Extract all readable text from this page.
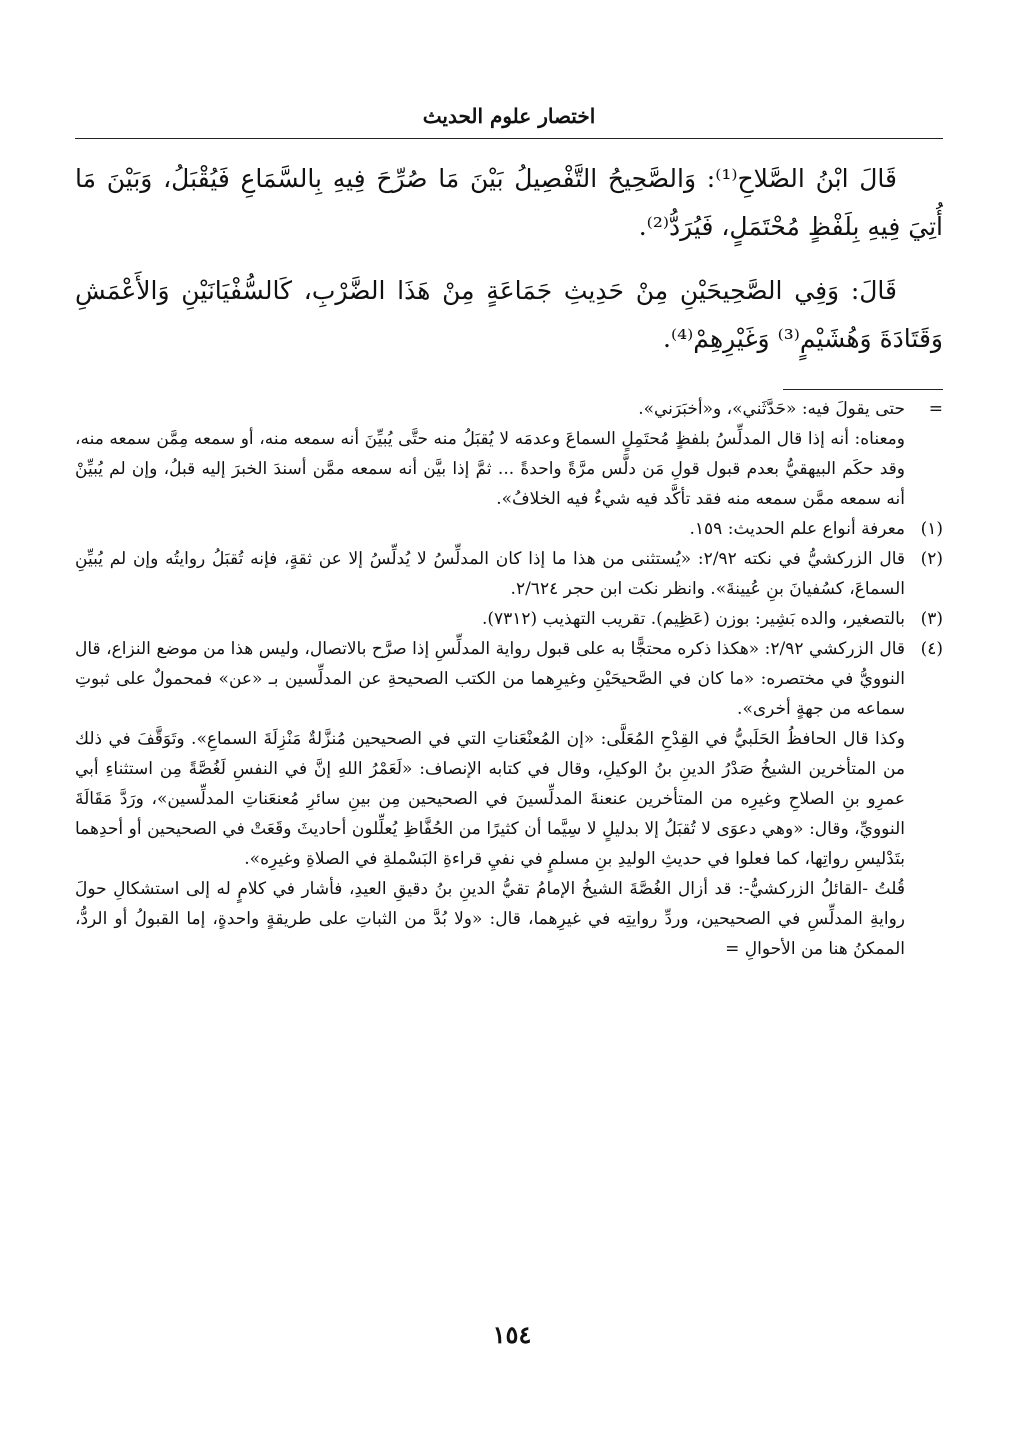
اختصار علوم الحديث

قَالَ ابْنُ الصَّلاحِ⁽¹⁾: وَالصَّحِيحُ التَّفْصِيلُ بَيْنَ مَا صُرِّحَ فِيهِ بِالسَّمَاعِ فَيُقْبَلُ، وَبَيْنَ مَا أُتِيَ فِيهِ بِلَفْظٍ مُحْتَمَلٍ، فَيُرَدُّ⁽²⁾.

قَالَ: وَفِي الصَّحِيحَيْنِ مِنْ حَدِيثِ جَمَاعَةٍ مِنْ هَذَا الضَّرْبِ، كَالسُّفْيَانَيْنِ وَالأَعْمَشِ وَقَتَادَةَ وَهُشَيْمٍ⁽³⁾ وَغَيْرِهِمْ⁽⁴⁾.

=

حتى يقولَ فيه: «حَدَّثَني»، و«أخبَرَني».

ومعناه: أنه إذا قال المدلِّسُ بلفظٍ مُحتَمِلٍ السماعَ وعدمَه لا يُقبَلُ منه حتَّى يُبيِّنَ أنه سمعه منه، أو سمعه مِمَّن سمعه منه، وقد حكَم البيهقيُّ بعدم قبول قولِ مَن دلَّس مرَّةً واحدةً ... ثمَّ إذا بيَّن أنه سمعه ممَّن أسندَ الخبرَ إليه قبلُ، وإن لم يُبيِّنْ أنه سمعه ممَّن سمعه منه فقد تأكَّد فيه شيءٌ فيه الخلافُ».

(١)

معرفة أنواع علم الحديث: ١٥٩.

(٢)

قال الزركشيُّ في نكته ٢/٩٢: «يُستثنى من هذا ما إذا كان المدلِّسُ لا يُدلِّسُ إلا عن ثقةٍ، فإنه تُقبَلُ روايتُه وإن لم يُبيِّنِ السماعَ، كسُفيانَ بنِ عُيينةَ». وانظر نكت ابن حجر ٢/٦٢٤.

(٣)

بالتصغير، والده بَشِير: بوزن (عَظِيم). تقريب التهذيب (٧٣١٢).

(٤)

قال الزركشي ٢/٩٢: «هكذا ذكره محتجًّا به على قبول رواية المدلِّسِ إذا صرَّح بالاتصال، وليس هذا من موضع النزاع، قال النوويُّ في مختصره: «ما كان في الصَّحيحَيْنِ وغيرِهما من الكتب الصحيحةِ عن المدلِّسين بـ «عن» فمحمولٌ على ثبوتِ سماعه من جهةٍ أخرى».

وكذا قال الحافظُ الحَلَبيُّ في القِدْحِ المُعَلَّى: «إن المُعنْعَناتِ التي في الصحيحين مُنزَّلةٌ مَنْزِلَةَ السماعِ». وتَوَقَّفَ في ذلك من المتأخرين الشيخُ صَدْرُ الدينِ بنُ الوكيلِ، وقال في كتابه الإنصاف: «لَعَمْرُ اللهِ إنَّ في النفسِ لَغُصَّةً مِن استثناءِ أبي عمرِو بنِ الصلاحِ وغيرِه من المتأخرين عنعنةَ المدلِّسينَ في الصحيحين مِن بينِ سائرِ مُعنعَناتِ المدلِّسين»، ورَدَّ مَقَالَةَ النوويِّ، وقال: «وهي دعوَى لا تُقبَلُ إلا بدليلٍ لا سِيَّما أن كثيرًا من الحُفَّاظِ يُعلِّلون أحاديثَ وقَعَتْ في الصحيحين أو أحدِهما بتَدْليسِ رواتِها، كما فعلوا في حديثِ الوليدِ بنِ مسلمٍ في نفيِ قراءةِ البَسْملةِ في الصلاةِ وغيرِه».

قُلتُ -القائلُ الزركشيُّ-: قد أزال الغُصَّةَ الشيخُ الإمامُ تقيُّ الدينِ بنُ دقيقِ العيدِ، فأشار في كلامٍ له إلى استشكالِ حولَ روايةِ المدلِّسِ في الصحيحين، وردِّ روايتِه في غيرِهما، قال: «ولا بُدَّ من الثباتِ على طريقةٍ واحدةٍ، إما القبولُ أو الردُّ، الممكنُ هنا من الأحوالِ =

١٥٤
